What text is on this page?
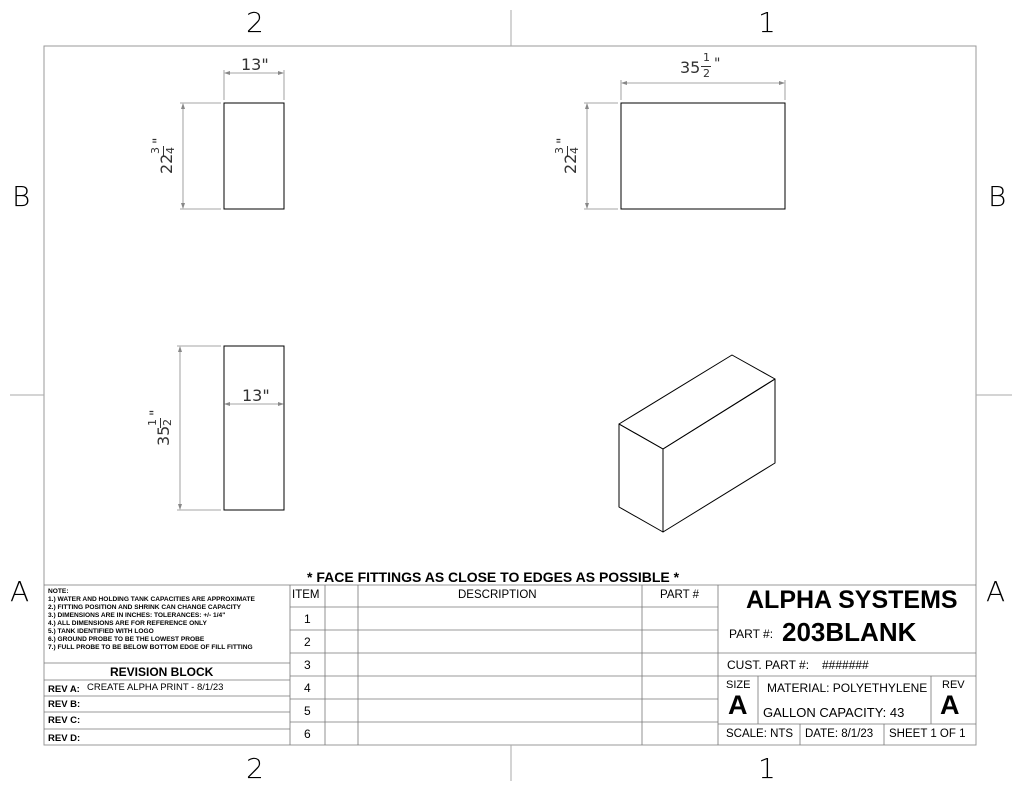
2	1
2	1
B	B
A	A
13"
13"
35
1
2
"
22
3 4
"
22
3 4
"
35
1 2
"
* FACE FITTINGS AS CLOSE TO EDGES AS POSSIBLE *
NOTE:
1.) WATER AND HOLDING TANK CAPACITIES ARE APPROXIMATE
2.) FITTING POSITION AND SHRINK CAN CHANGE CAPACITY
3.) DIMENSIONS ARE IN INCHES: TOLERANCES: +/- 1/4"
4.) ALL DIMENSIONS ARE FOR REFERENCE ONLY
5.) TANK IDENTIFIED WITH LOGO
6.) GROUND PROBE TO BE THE LOWEST PROBE
7.) FULL PROBE TO BE BELOW BOTTOM EDGE OF FILL FITTING
REVISION BLOCK
REV A: CREATE ALPHA PRINT - 8/1/23
REV B:
REV C:
REV D:
ITEM	DESCRIPTION	PART #
1
2
3
4
5
6
ALPHA SYSTEMS
PART #: 203BLANK
CUST. PART #: #######
SIZE
A
MATERIAL: POLYETHYLENE
GALLON CAPACITY: 43
REV
A
SCALE: NTS DATE: 8/1/23 SHEET 1 OF 1
